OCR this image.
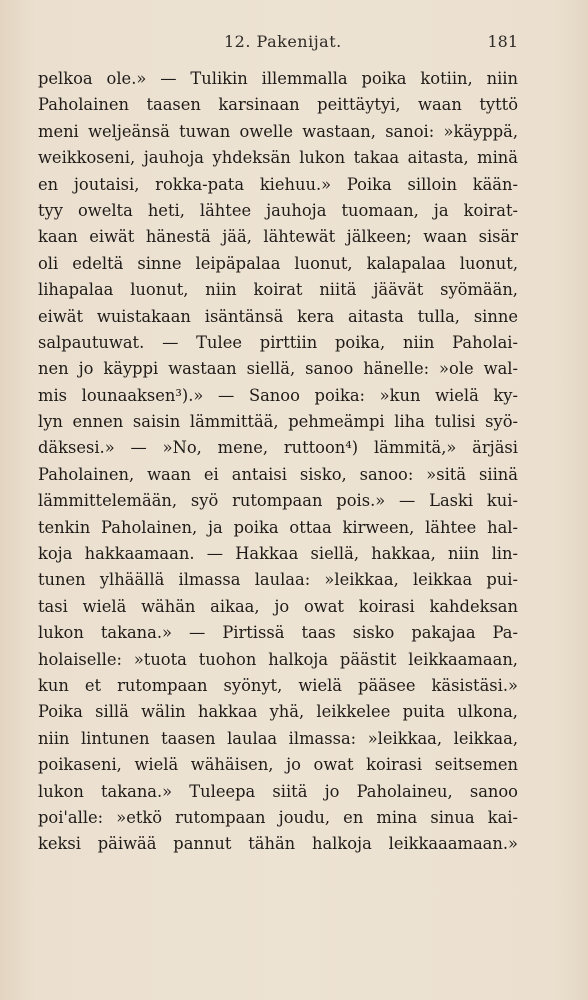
12. Pakenijat.	181
pelkoa ole.» — Tulikin illemmalla poika kotiin, niin
Paholainen taasen karsinaan peittäytyi, waan tyttö
meni weljeänsä tuwan owelle wastaan, sanoi: »käyppä,
weikkoseni, jauhoja yhdeksän lukon takaa aitasta, minä
en joutaisi, rokka-pata kiehuu.» Poika silloin kään-
tyy owelta heti, lähtee jauhoja tuomaan, ja koirat-
kaan eiwät hänestä jää, lähtewät jälkeen; waan sisär
oli edeltä sinne leipäpalaa luonut, kalapalaa luonut,
lihapalaa luonut, niin koirat niitä jäävät syömään,
eiwät wuistakaan isäntänsä kera aitasta tulla, sinne
salpautuwat. — Tulee pirttiin poika, niin Paholai-
nen jo käyppi wastaan siellä, sanoo hänelle: »ole wal-
mis lounaaksen³).» — Sanoo poika: »kun wielä ky-
lyn ennen saisin lämmittää, pehmeämpi liha tulisi syö-
däksesi.» — »No, mene, ruttoon⁴) lämmitä,» ärjäsi
Paholainen, waan ei antaisi sisko, sanoo: »sitä siinä
lämmittelemään, syö rutompaan pois.» — Laski kui-
tenkin Paholainen, ja poika ottaa kirween, lähtee hal-
koja hakkaamaan. — Hakkaa siellä, hakkaa, niin lin-
tunen ylhäällä ilmassa laulaa: »leikkaa, leikkaa pui-
tasi wielä wähän aikaa, jo owat koirasi kahdeksan
lukon takana.» — Pirtissä taas sisko pakajaa Pa-
holaiselle: »tuota tuohon halkoja päästit leikkaamaan,
kun et rutompaan syönyt, wielä pääsee käsistäsi.»
Poika sillä wälin hakkaa yhä, leikkelee puita ulkona,
niin lintunen taasen laulaa ilmassa: »leikkaa, leikkaa,
poikaseni, wielä wähäisen, jo owat koirasi seitsemen
lukon takana.» Tuleepa siitä jo Paholaineu, sanoo
poi'alle: »etkö rutompaan joudu, en mina sinua kai-
keksi päiwää pannut tähän halkoja leikkaaamaan.»
